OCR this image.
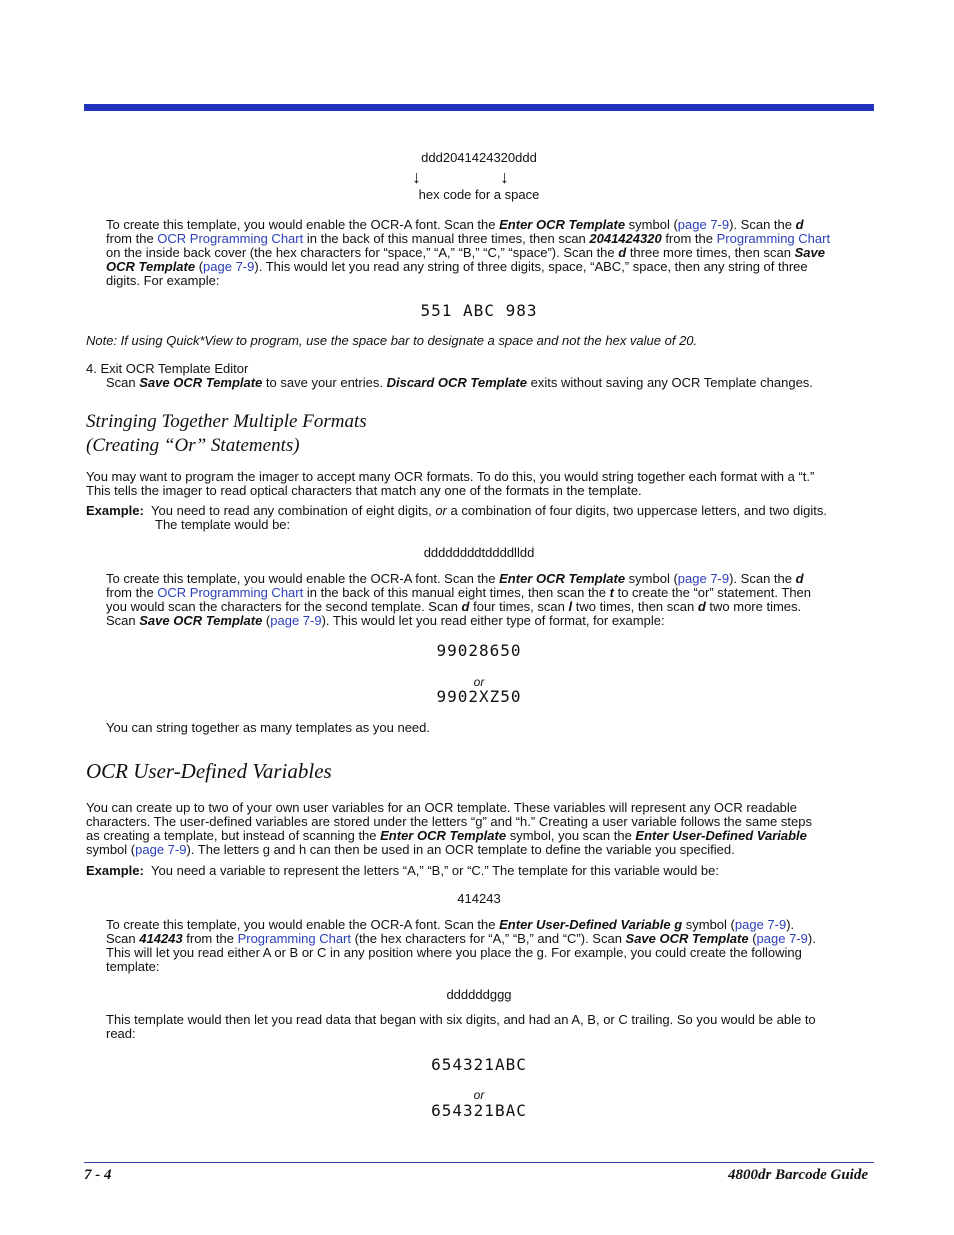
ddd2041424320ddd
↓	↓
hex code for a space
To create this template, you would enable the OCR-A font. Scan the Enter OCR Template symbol (page 7-9). Scan the d
from the OCR Programming Chart in the back of this manual three times, then scan 2041424320 from the Programming Chart
on the inside back cover (the hex characters for “space,” “A,” “B,” “C,” “space”). Scan the d three more times, then scan Save
OCR Template (page 7-9). This would let you read any string of three digits, space, “ABC,” space, then any string of three
digits. For example:
551 ABC 983
Note: If using Quick*View to program, use the space bar to designate a space and not the hex value of 20.
4. Exit OCR Template Editor
Scan Save OCR Template to save your entries. Discard OCR Template exits without saving any OCR Template changes.
Stringing Together Multiple Formats
(Creating “Or” Statements)
You may want to program the imager to accept many OCR formats. To do this, you would string together each format with a “t.”
This tells the imager to read optical characters that match any one of the formats in the template.
Example: You need to read any combination of eight digits, or a combination of four digits, two uppercase letters, and two digits.
The template would be:
ddddddddtddddlldd
To create this template, you would enable the OCR-A font. Scan the Enter OCR Template symbol (page 7-9). Scan the d
from the OCR Programming Chart in the back of this manual eight times, then scan the t to create the “or” statement. Then
you would scan the characters for the second template. Scan d four times, scan l two times, then scan d two more times.
Scan Save OCR Template (page 7-9). This would let you read either type of format, for example:
99028650
or
9902XZ50
You can string together as many templates as you need.
OCR User-Defined Variables
You can create up to two of your own user variables for an OCR template. These variables will represent any OCR readable
characters. The user-defined variables are stored under the letters “g” and “h.” Creating a user variable follows the same steps
as creating a template, but instead of scanning the Enter OCR Template symbol, you scan the Enter User-Defined Variable
symbol (page 7-9). The letters g and h can then be used in an OCR template to define the variable you specified.
Example: You need a variable to represent the letters “A,” “B,” or “C.” The template for this variable would be:
414243
To create this template, you would enable the OCR-A font. Scan the Enter User-Defined Variable g symbol (page 7-9).
Scan 414243 from the Programming Chart (the hex characters for “A,” “B,” and “C”). Scan Save OCR Template (page 7-9).
This will let you read either A or B or C in any position where you place the g. For example, you could create the following
template:
ddddddggg
This template would then let you read data that began with six digits, and had an A, B, or C trailing. So you would be able to
read:
654321ABC
or
654321BAC
7 - 4	4800dr Barcode Guide
